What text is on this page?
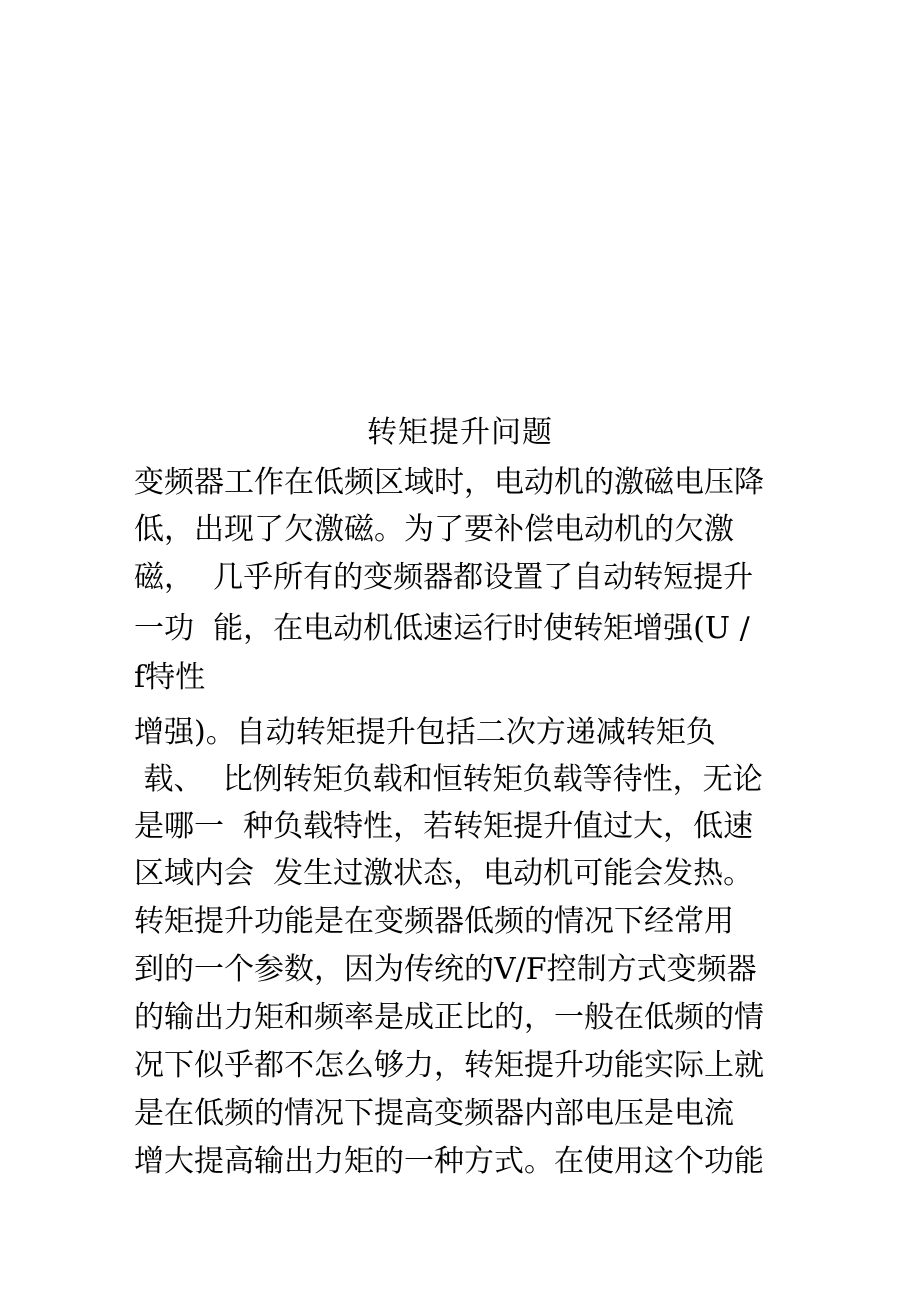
转矩提升问题
变频器工作在低频区域时，电动机的激磁电压降
低，出现了欠激磁。为了要补偿电动机的欠激
磁，  几乎所有的变频器都设置了自动转短提升
一功  能，在电动机低速运行时使转矩增强(U /
f特性
增强)。自动转矩提升包括二次方递减转矩负
载、  比例转矩负载和恒转矩负载等待性，无论
是哪一  种负载特性，若转矩提升值过大，低速
区域内会  发生过激状态，电动机可能会发热。
转矩提升功能是在变频器低频的情况下经常用
到的一个参数，因为传统的V/F控制方式变频器
的输出力矩和频率是成正比的，一般在低频的情
况下似乎都不怎么够力，转矩提升功能实际上就
是在低频的情况下提高变频器内部电压是电流
增大提高输出力矩的一种方式。在使用这个功能
